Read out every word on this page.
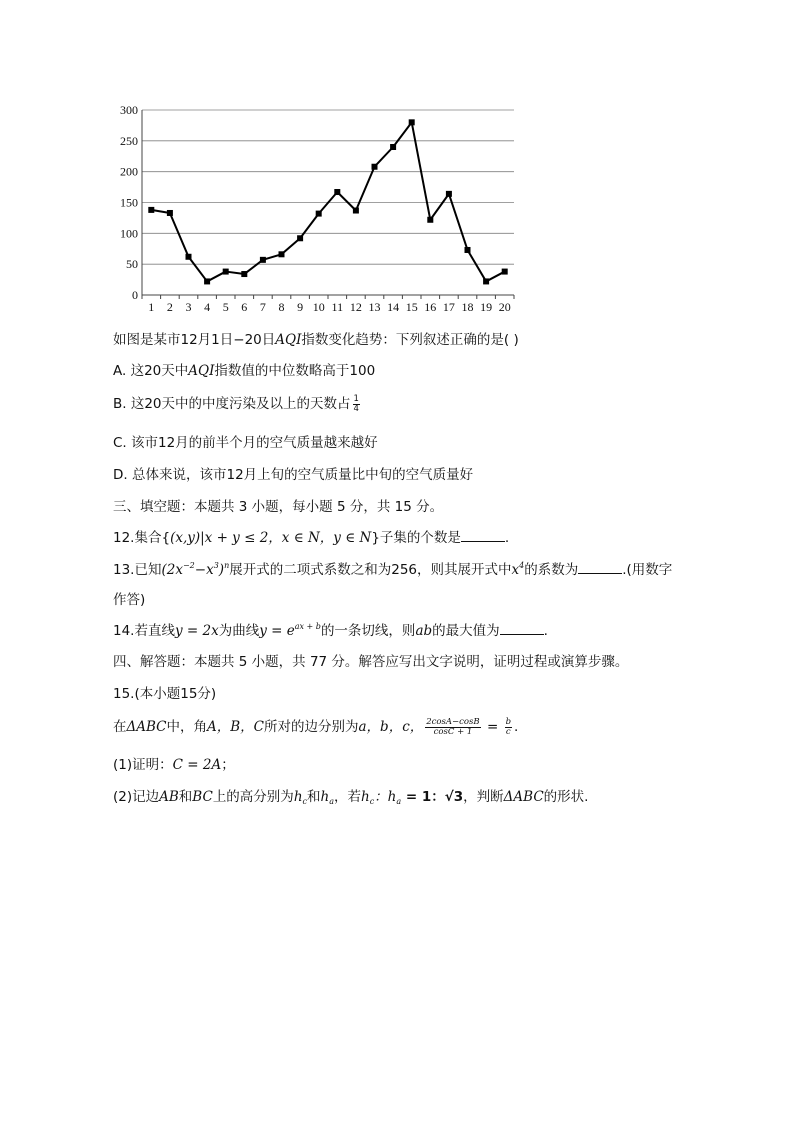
0
50
100
150
200
250
300
1 2 3 4 5 6 7 8 9 10 11 12 13 14 15 16 17 18 19 20
如图是某市12月1日−20日AQI指数变化趋势：下列叙述正确的是( )
A. 这20天中AQI指数值的中位数略高于100
B. 这20天中的中度污染及以上的天数占 $\frac{1}{4}$
C. 该市12月的前半个月的空气质量越来越好
D. 总体来说，该市12月上旬的空气质量比中旬的空气质量好
三、填空题：本题共 3 小题，每小题 5 分，共 15 分。
12.集合{(x,y)|x + y ≤ 2，x ∈ N，y ∈ N}子集的个数是	.
13.已知$(2x^{-2}-x^3)^n$展开式的二项式系数之和为256，则其展开式中$x^4$的系数为	.(用数字
作答)
14.若直线y = 2x为曲线$y = e^{ax + b}$的一条切线，则ab的最大值为	.
四、解答题：本题共 5 小题，共 77 分。解答应写出文字说明，证明过程或演算步骤。
15.(本小题15分)
在ΔABC中，角A，B，C所对的边分别为a，b，c， $\frac{2\cos A-\cos B}{\cos C + 1} = \frac{b}{c}$ .
(1)证明：C = 2A；
(2)记边AB和BC上的高分别为$h_c$和$h_a$，若$h_c$：$h_a = 1$：√3，判断ΔABC的形状.
